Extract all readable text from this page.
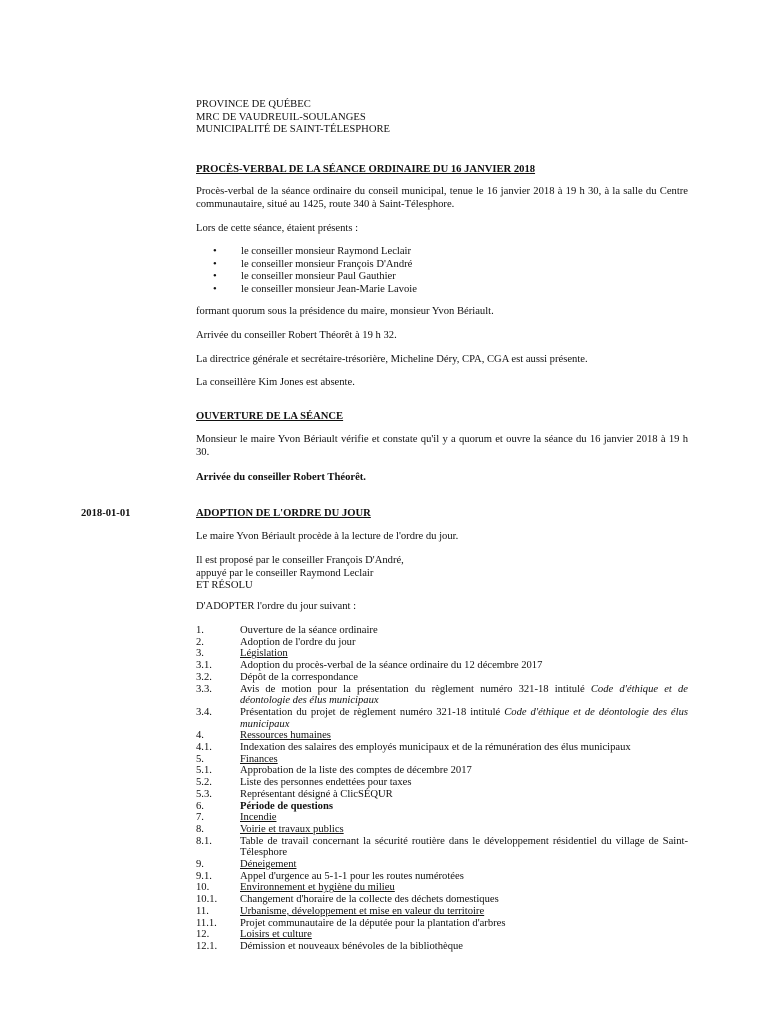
PROVINCE DE QUÉBEC
MRC DE VAUDREUIL-SOULANGES
MUNICIPALITÉ DE SAINT-TÉLESPHORE

PROCÈS-VERBAL DE LA SÉANCE ORDINAIRE DU 16 JANVIER 2018

Procès-verbal de la séance ordinaire du conseil municipal, tenue le 16 janvier 2018 à 19 h 30, à la salle du Centre communautaire, situé au 1425, route 340 à Saint-Télesphore.

Lors de cette séance, étaient présents :

• le conseiller monsieur Raymond Leclair
• le conseiller monsieur François D'André
• le conseiller monsieur Paul Gauthier
• le conseiller monsieur Jean-Marie Lavoie

formant quorum sous la présidence du maire, monsieur Yvon Bériault.

Arrivée du conseiller Robert Théorêt à 19 h 32.

La directrice générale et secrétaire-trésorière, Micheline Déry, CPA, CGA est aussi présente.

La conseillère Kim Jones est absente.

OUVERTURE DE LA SÉANCE

Monsieur le maire Yvon Bériault vérifie et constate qu'il y a quorum et ouvre la séance du 16 janvier 2018 à 19 h 30.

Arrivée du conseiller Robert Théorêt.

2018-01-01	ADOPTION DE L'ORDRE DU JOUR

Le maire Yvon Bériault procède à la lecture de l'ordre du jour.

Il est proposé par le conseiller François D'André,

appuyé par le conseiller Raymond Leclair

ET RÉSOLU

D'ADOPTER l'ordre du jour suivant :

1.	Ouverture de la séance ordinaire
2.	Adoption de l'ordre du jour
3.	Législation
3.1.	Adoption du procès-verbal de la séance ordinaire du 12 décembre 2017
3.2.	Dépôt de la correspondance
3.3.	Avis de motion pour la présentation du règlement numéro 321-18 intitulé Code d'éthique et de déontologie des élus municipaux
3.4.	Présentation du projet de règlement numéro 321-18 intitulé Code d'éthique et de déontologie des élus municipaux
4.	Ressources humaines
4.1.	Indexation des salaires des employés municipaux et de la rémunération des élus municipaux
5.	Finances
5.1.	Approbation de la liste des comptes de décembre 2017
5.2.	Liste des personnes endettées pour taxes
5.3.	Représentant désigné à ClicSÉQUR
6.	Période de questions
7.	Incendie
8.	Voirie et travaux publics
8.1.	Table de travail concernant la sécurité routière dans le développement résidentiel du village de Saint-Télesphore
9.	Déneigement
9.1.	Appel d'urgence au 5-1-1 pour les routes numérotées
10.	Environnement et hygiène du milieu
10.1. Changement d'horaire de la collecte des déchets domestiques
11.	Urbanisme, développement et mise en valeur du territoire
11.1. Projet communautaire de la députée pour la plantation d'arbres
12.	Loisirs et culture
12.1. Démission et nouveaux bénévoles de la bibliothèque
